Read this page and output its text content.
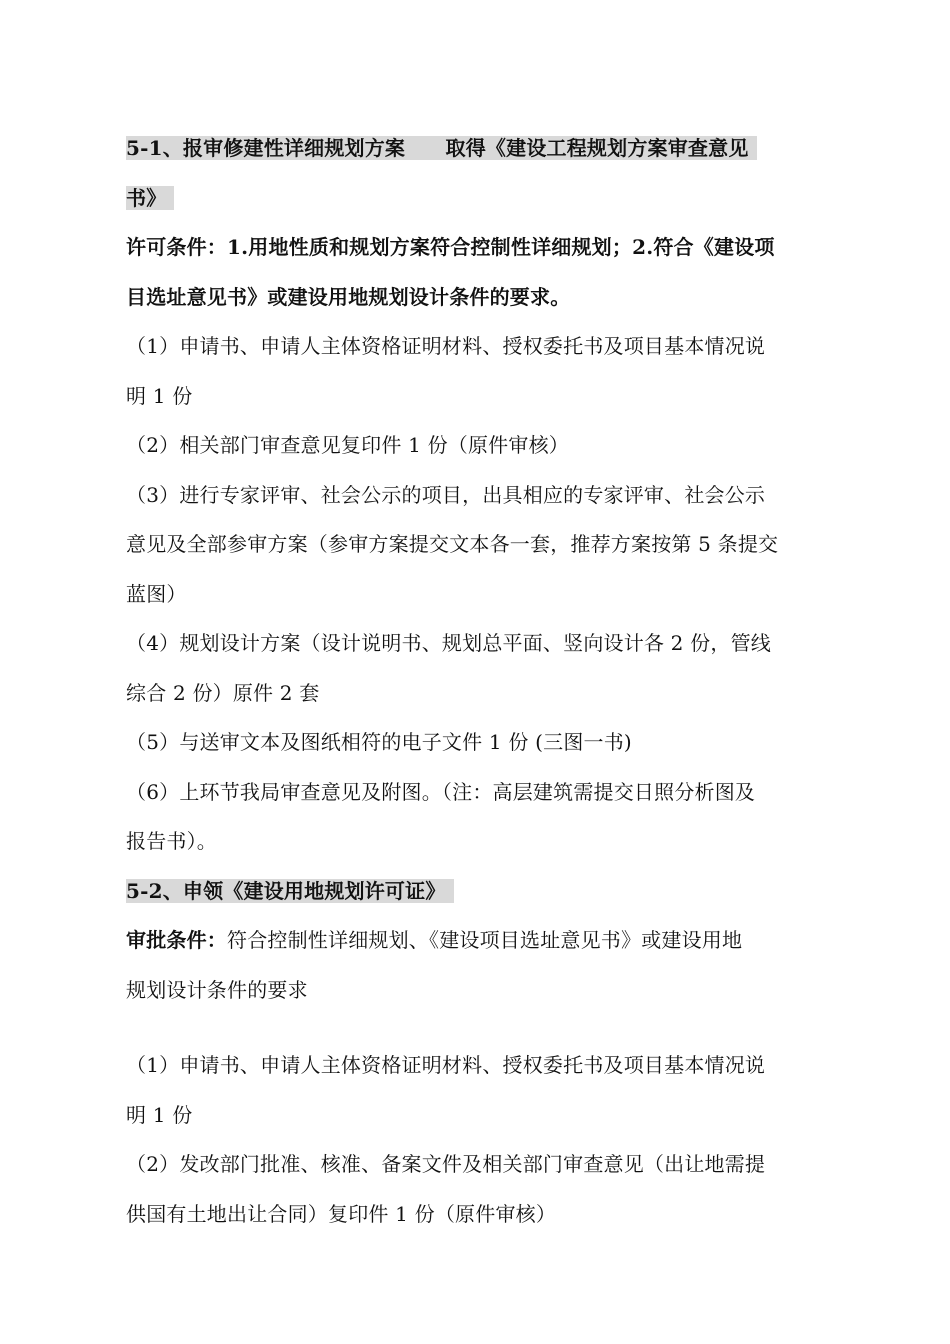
5-1、报审修建性详细规划方案　　取得《建设工程规划方案审查意见
书》
许可条件：1.用地性质和规划方案符合控制性详细规划；2.符合《建设项
目选址意见书》或建设用地规划设计条件的要求。
（1）申请书、申请人主体资格证明材料、授权委托书及项目基本情况说
明 1 份
（2）相关部门审查意见复印件 1 份（原件审核）
（3）进行专家评审、社会公示的项目，出具相应的专家评审、社会公示
意见及全部参审方案（参审方案提交文本各一套，推荐方案按第 5 条提交
蓝图）
（4）规划设计方案（设计说明书、规划总平面、竖向设计各 2 份，管线
综合 2 份）原件 2 套
（5）与送审文本及图纸相符的电子文件 1 份 (三图一书)
（6）上环节我局审查意见及附图。（注：高层建筑需提交日照分析图及
报告书）。
5-2、申领《建设用地规划许可证》
审批条件：符合控制性详细规划、《建设项目选址意见书》或建设用地
规划设计条件的要求
（1）申请书、申请人主体资格证明材料、授权委托书及项目基本情况说
明 1 份
（2）发改部门批准、核准、备案文件及相关部门审查意见（出让地需提
供国有土地出让合同）复印件 1 份（原件审核）
